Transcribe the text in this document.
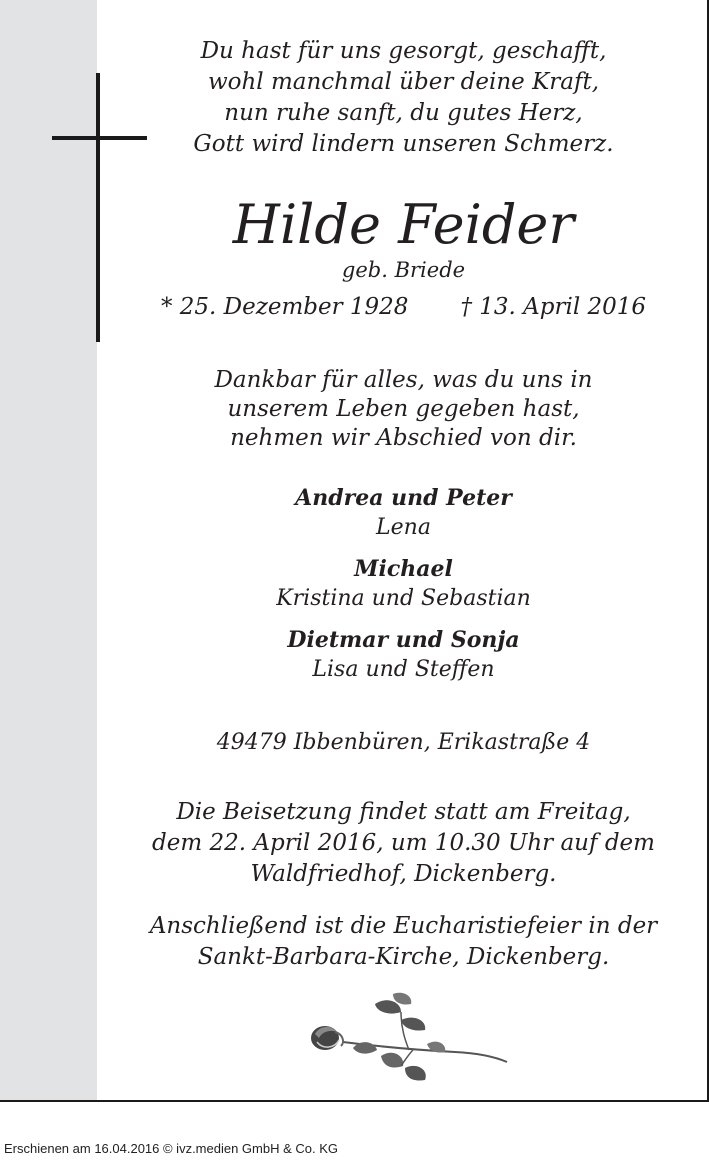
Du hast für uns gesorgt, geschafft,
wohl manchmal über deine Kraft,
nun ruhe sanft, du gutes Herz,
Gott wird lindern unseren Schmerz.
Hilde Feider
geb. Briede
* 25. Dezember 1928 † 13. April 2016
Dankbar für alles, was du uns in
unserem Leben gegeben hast,
nehmen wir Abschied von dir.
Andrea und Peter
Lena
Michael
Kristina und Sebastian
Dietmar und Sonja
Lisa und Steffen
49479 Ibbenbüren, Erikastraße 4
Die Beisetzung findet statt am Freitag,
dem 22. April 2016, um 10.30 Uhr auf dem
Waldfriedhof, Dickenberg.
Anschließend ist die Eucharistiefeier in der
Sankt-Barbara-Kirche, Dickenberg.
Erschienen am 16.04.2016 © ivz.medien GmbH & Co. KG
